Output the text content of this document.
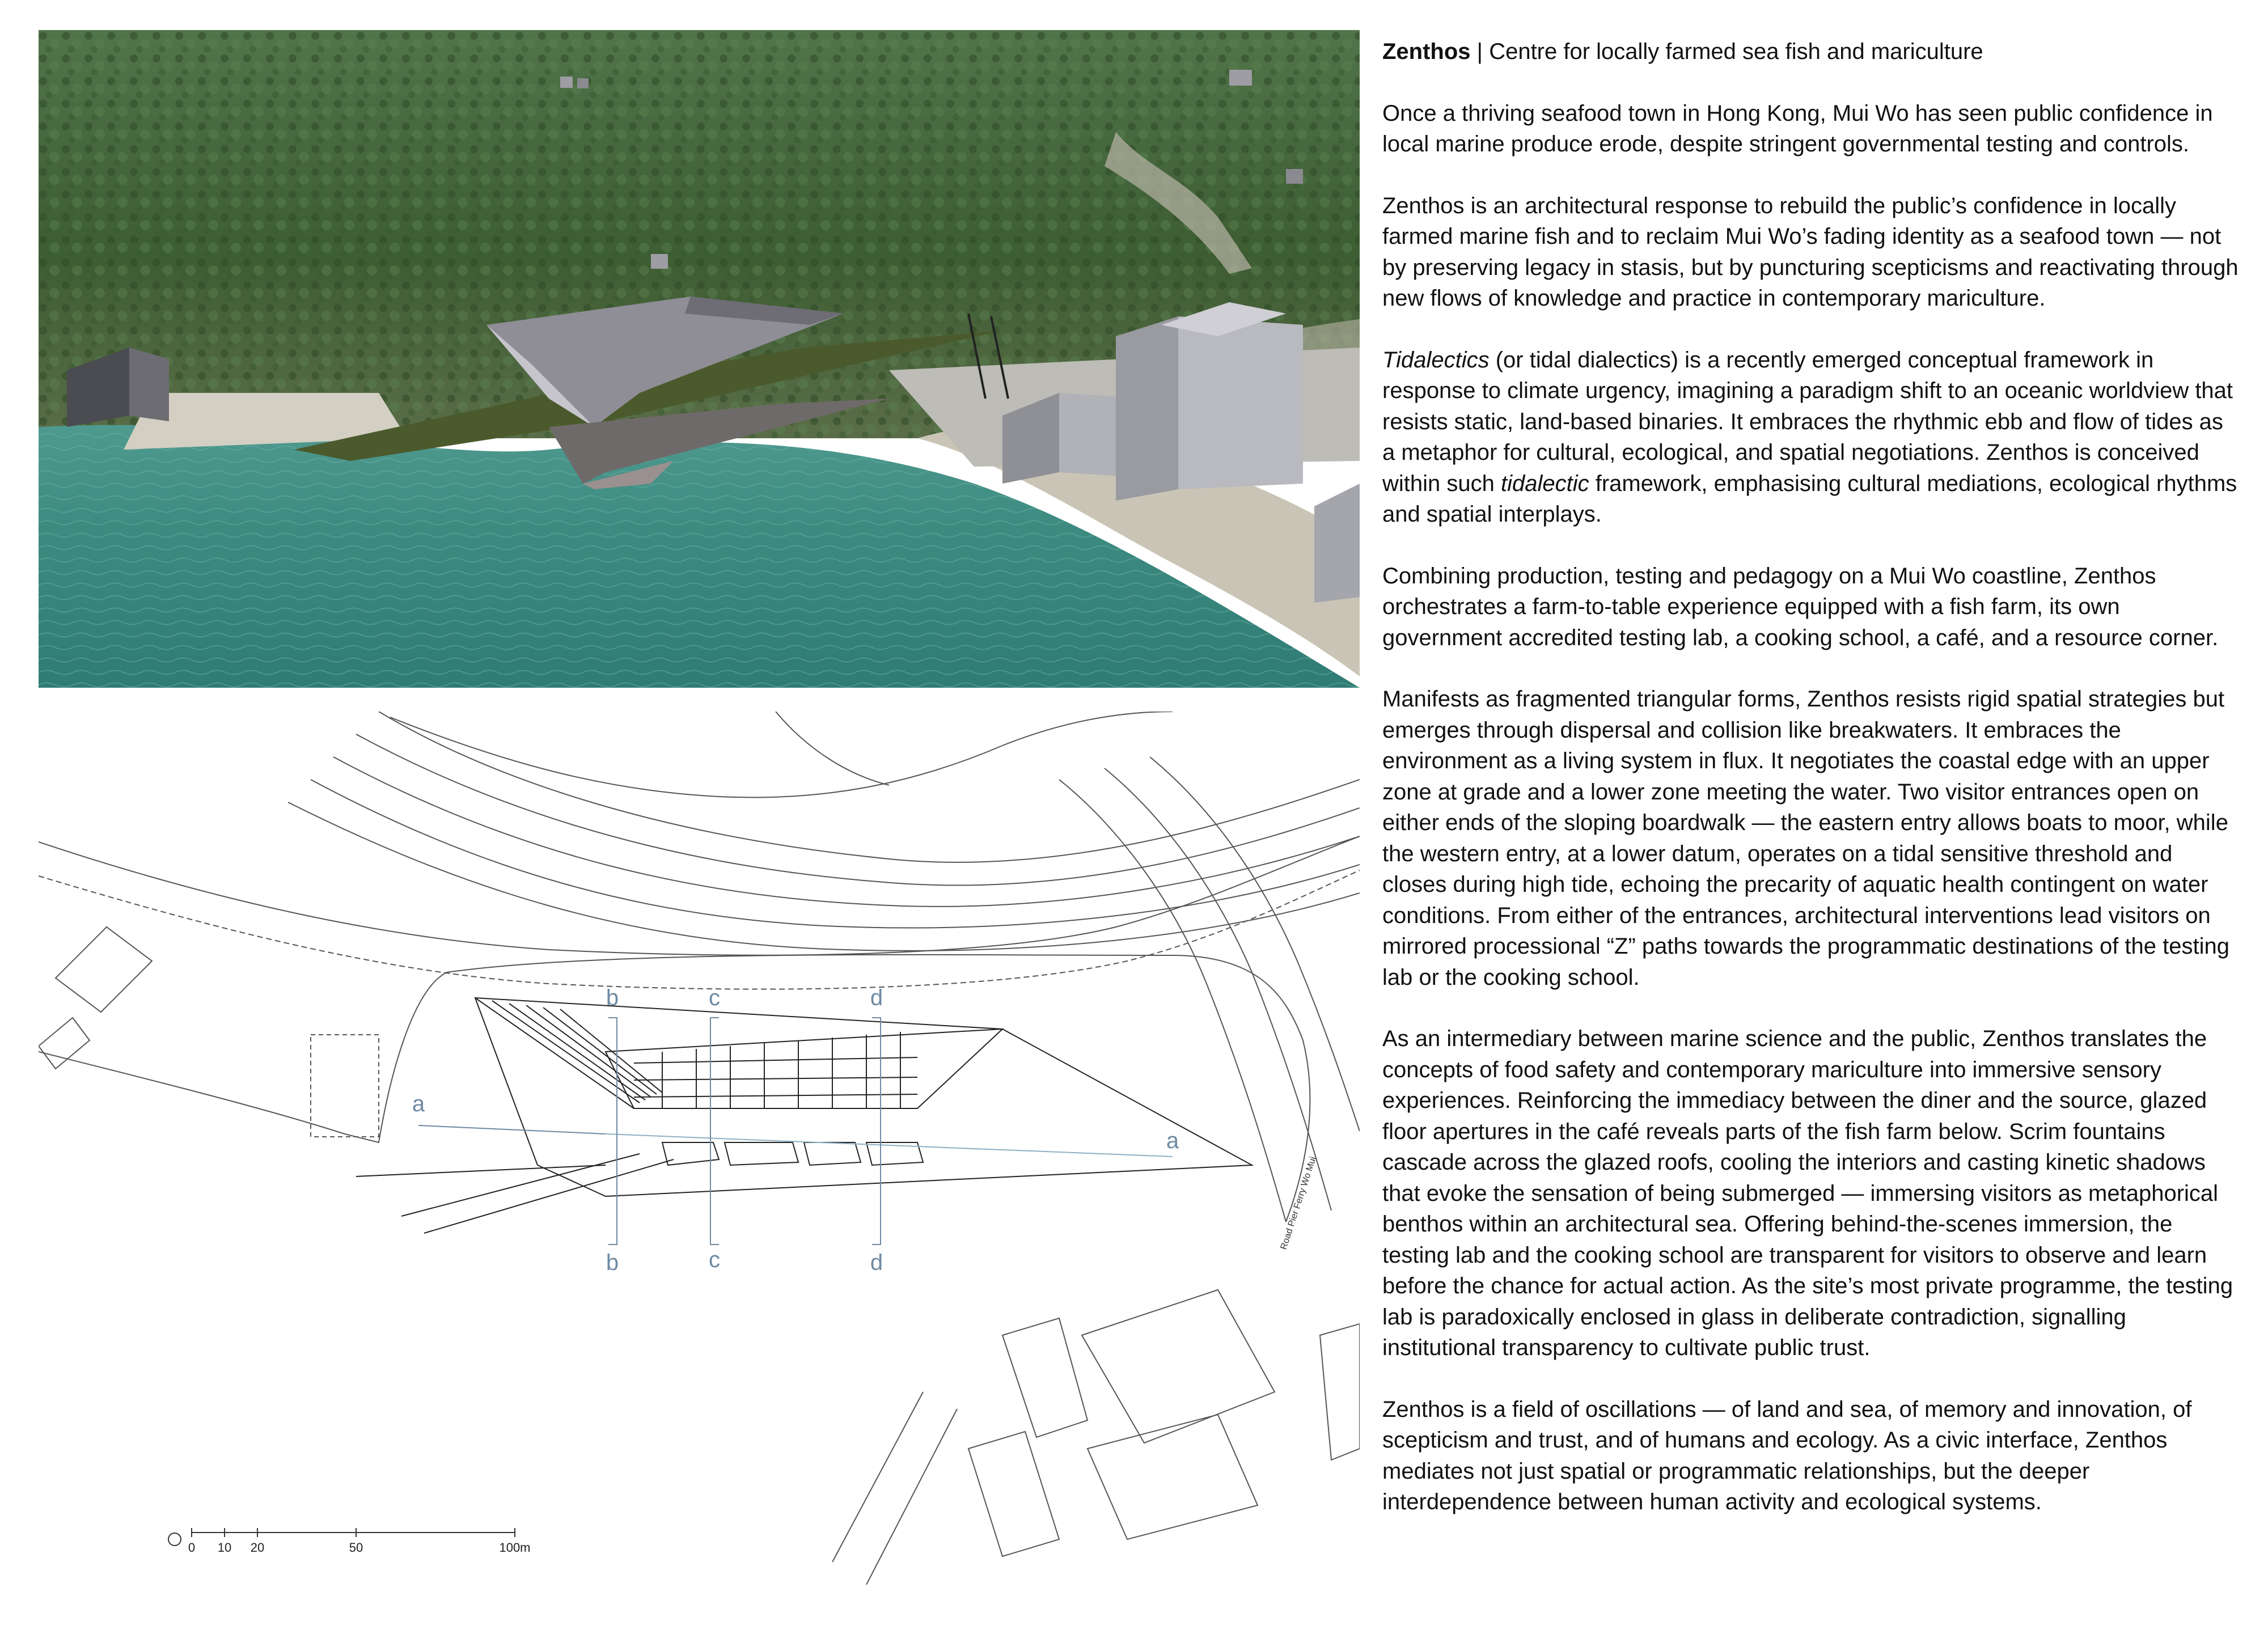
a
a
b
b
c
c
d
d
Road Pier Ferry Wo Mui
0 10 20	50	100m
Zenthos | Centre for locally farmed sea fish and mariculture

Once a thriving seafood town in Hong Kong, Mui Wo has seen public confidence in local marine produce erode, despite stringent governmental testing and controls.

Zenthos is an architectural response to rebuild the public’s confidence in locally farmed marine fish and to reclaim Mui Wo’s fading identity as a seafood town — not by preserving legacy in stasis, but by puncturing scepticisms and reactivating through new flows of knowledge and practice in contemporary mariculture.

Tidalectics (or tidal dialectics) is a recently emerged conceptual framework in response to climate urgency, imagining a paradigm shift to an oceanic worldview that resists static, land-based binaries. It embraces the rhythmic ebb and flow of tides as a metaphor for cultural, ecological, and spatial negotiations. Zenthos is conceived within such tidalectic framework, emphasising cultural mediations, ecological rhythms and spatial interplays.

Combining production, testing and pedagogy on a Mui Wo coastline, Zenthos orchestrates a farm-to-table experience equipped with a fish farm, its own government accredited testing lab, a cooking school, a café, and a resource corner.

Manifests as fragmented triangular forms, Zenthos resists rigid spatial strategies but emerges through dispersal and collision like breakwaters. It embraces the environment as a living system in flux. It negotiates the coastal edge with an upper zone at grade and a lower zone meeting the water. Two visitor entrances open on either ends of the sloping boardwalk — the eastern entry allows boats to moor, while the western entry, at a lower datum, operates on a tidal sensitive threshold and closes during high tide, echoing the precarity of aquatic health contingent on water conditions. From either of the entrances, architectural interventions lead visitors on mirrored processional “Z” paths towards the programmatic destinations of the testing lab or the cooking school.

As an intermediary between marine science and the public, Zenthos translates the concepts of food safety and contemporary mariculture into immersive sensory experiences. Reinforcing the immediacy between the diner and the source, glazed floor apertures in the café reveals parts of the fish farm below. Scrim fountains cascade across the glazed roofs, cooling the interiors and casting kinetic shadows that evoke the sensation of being submerged — immersing visitors as metaphorical benthos within an architectural sea. Offering behind-the-scenes immersion, the testing lab and the cooking school are transparent for visitors to observe and learn before the chance for actual action. As the site’s most private programme, the testing lab is paradoxically enclosed in glass in deliberate contradiction, signalling institutional transparency to cultivate public trust.

Zenthos is a field of oscillations — of land and sea, of memory and innovation, of scepticism and trust, and of humans and ecology. As a civic interface, Zenthos mediates not just spatial or programmatic relationships, but the deeper interdependence between human activity and ecological systems.
